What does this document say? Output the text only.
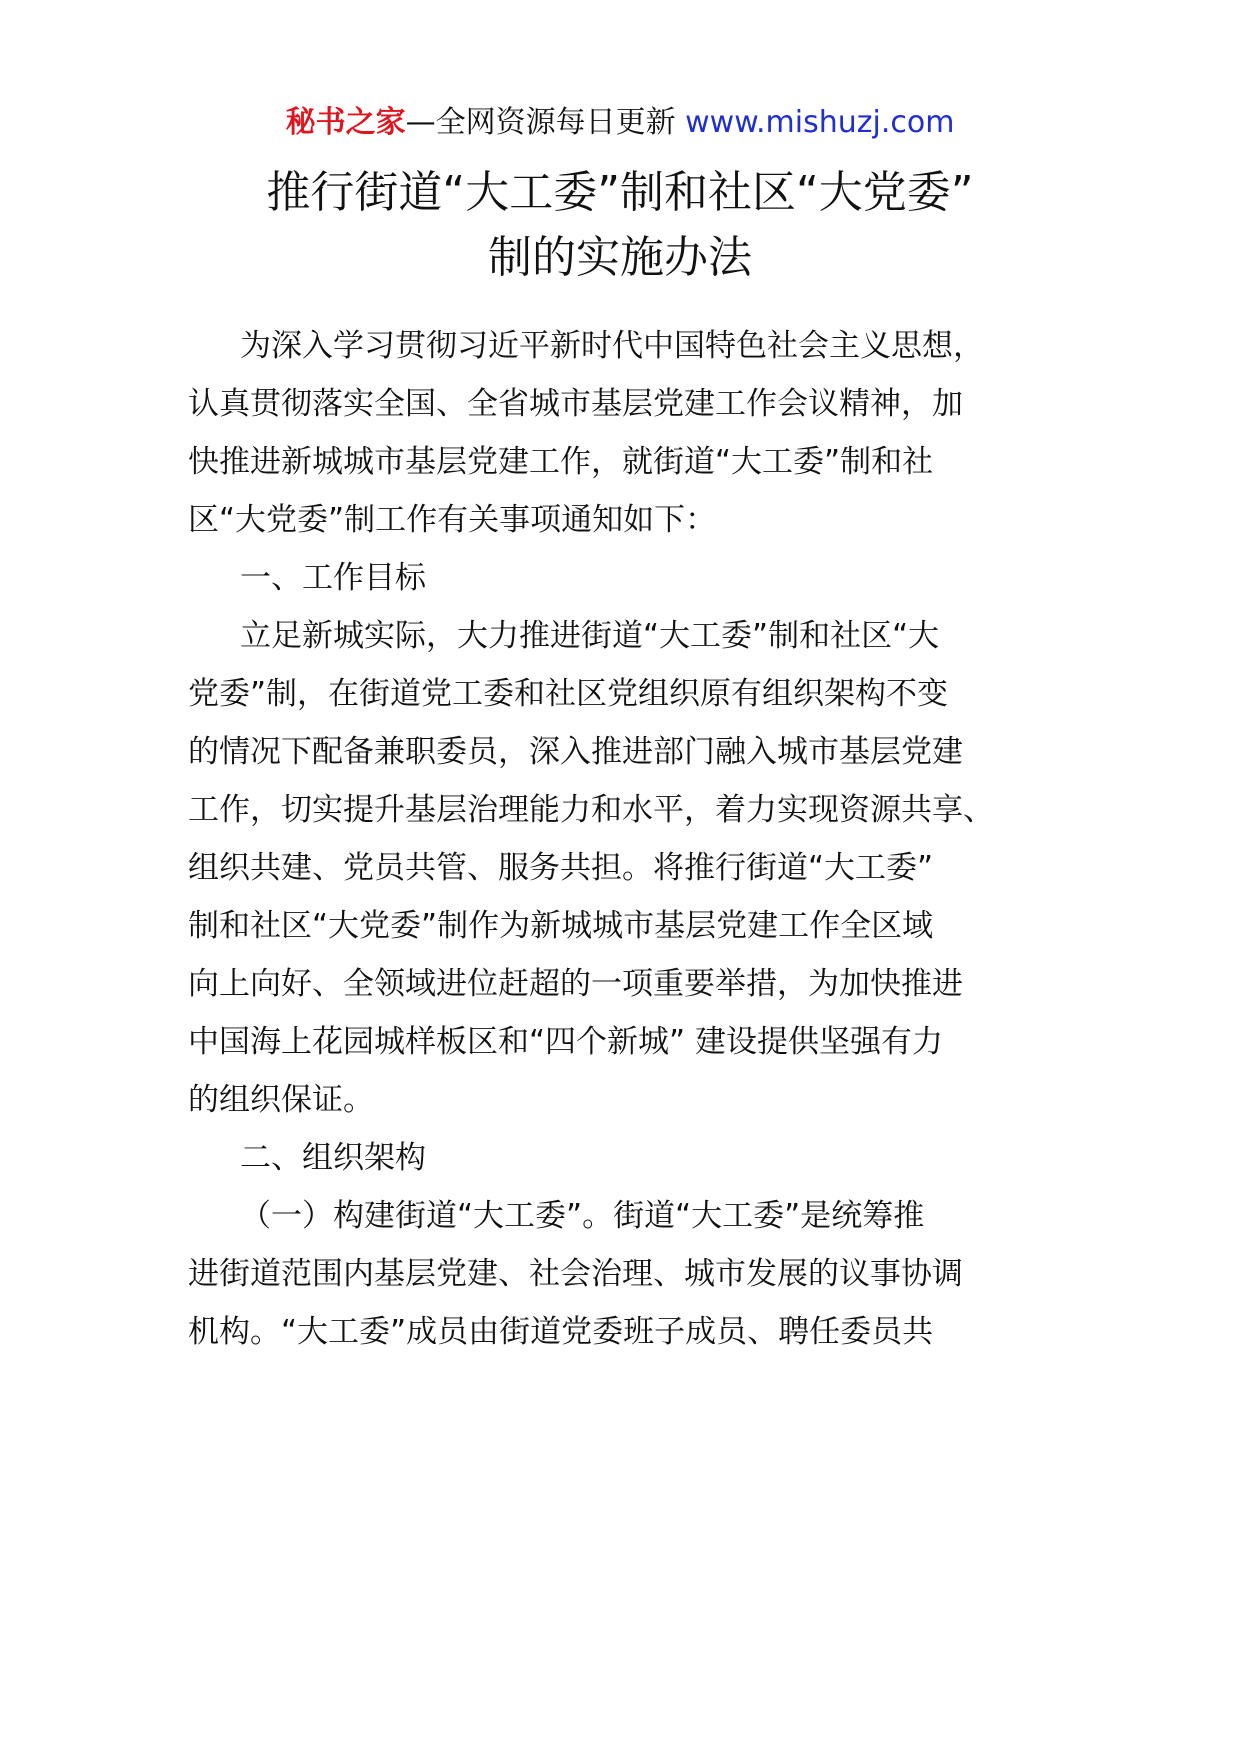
秘书之家—全网资源每日更新 www.mishuzj.com
推行街道“大工委”制和社区“大党委”
制的实施办法
为深入学习贯彻习近平新时代中国特色社会主义思想，
认真贯彻落实全国、全省城市基层党建工作会议精神，加
快推进新城城市基层党建工作，就街道“大工委”制和社
区“大党委”制工作有关事项通知如下：
一、工作目标
立足新城实际，大力推进街道“大工委”制和社区“大
党委”制，在街道党工委和社区党组织原有组织架构不变
的情况下配备兼职委员，深入推进部门融入城市基层党建
工作，切实提升基层治理能力和水平，着力实现资源共享、
组织共建、党员共管、服务共担。将推行街道“大工委”
制和社区“大党委”制作为新城城市基层党建工作全区域
向上向好、全领域进位赶超的一项重要举措，为加快推进
中国海上花园城样板区和“四个新城” 建设提供坚强有力
的组织保证。
二、组织架构
（一）构建街道“大工委”。街道“大工委”是统筹推
进街道范围内基层党建、社会治理、城市发展的议事协调
机构。“大工委”成员由街道党委班子成员、聘任委员共
